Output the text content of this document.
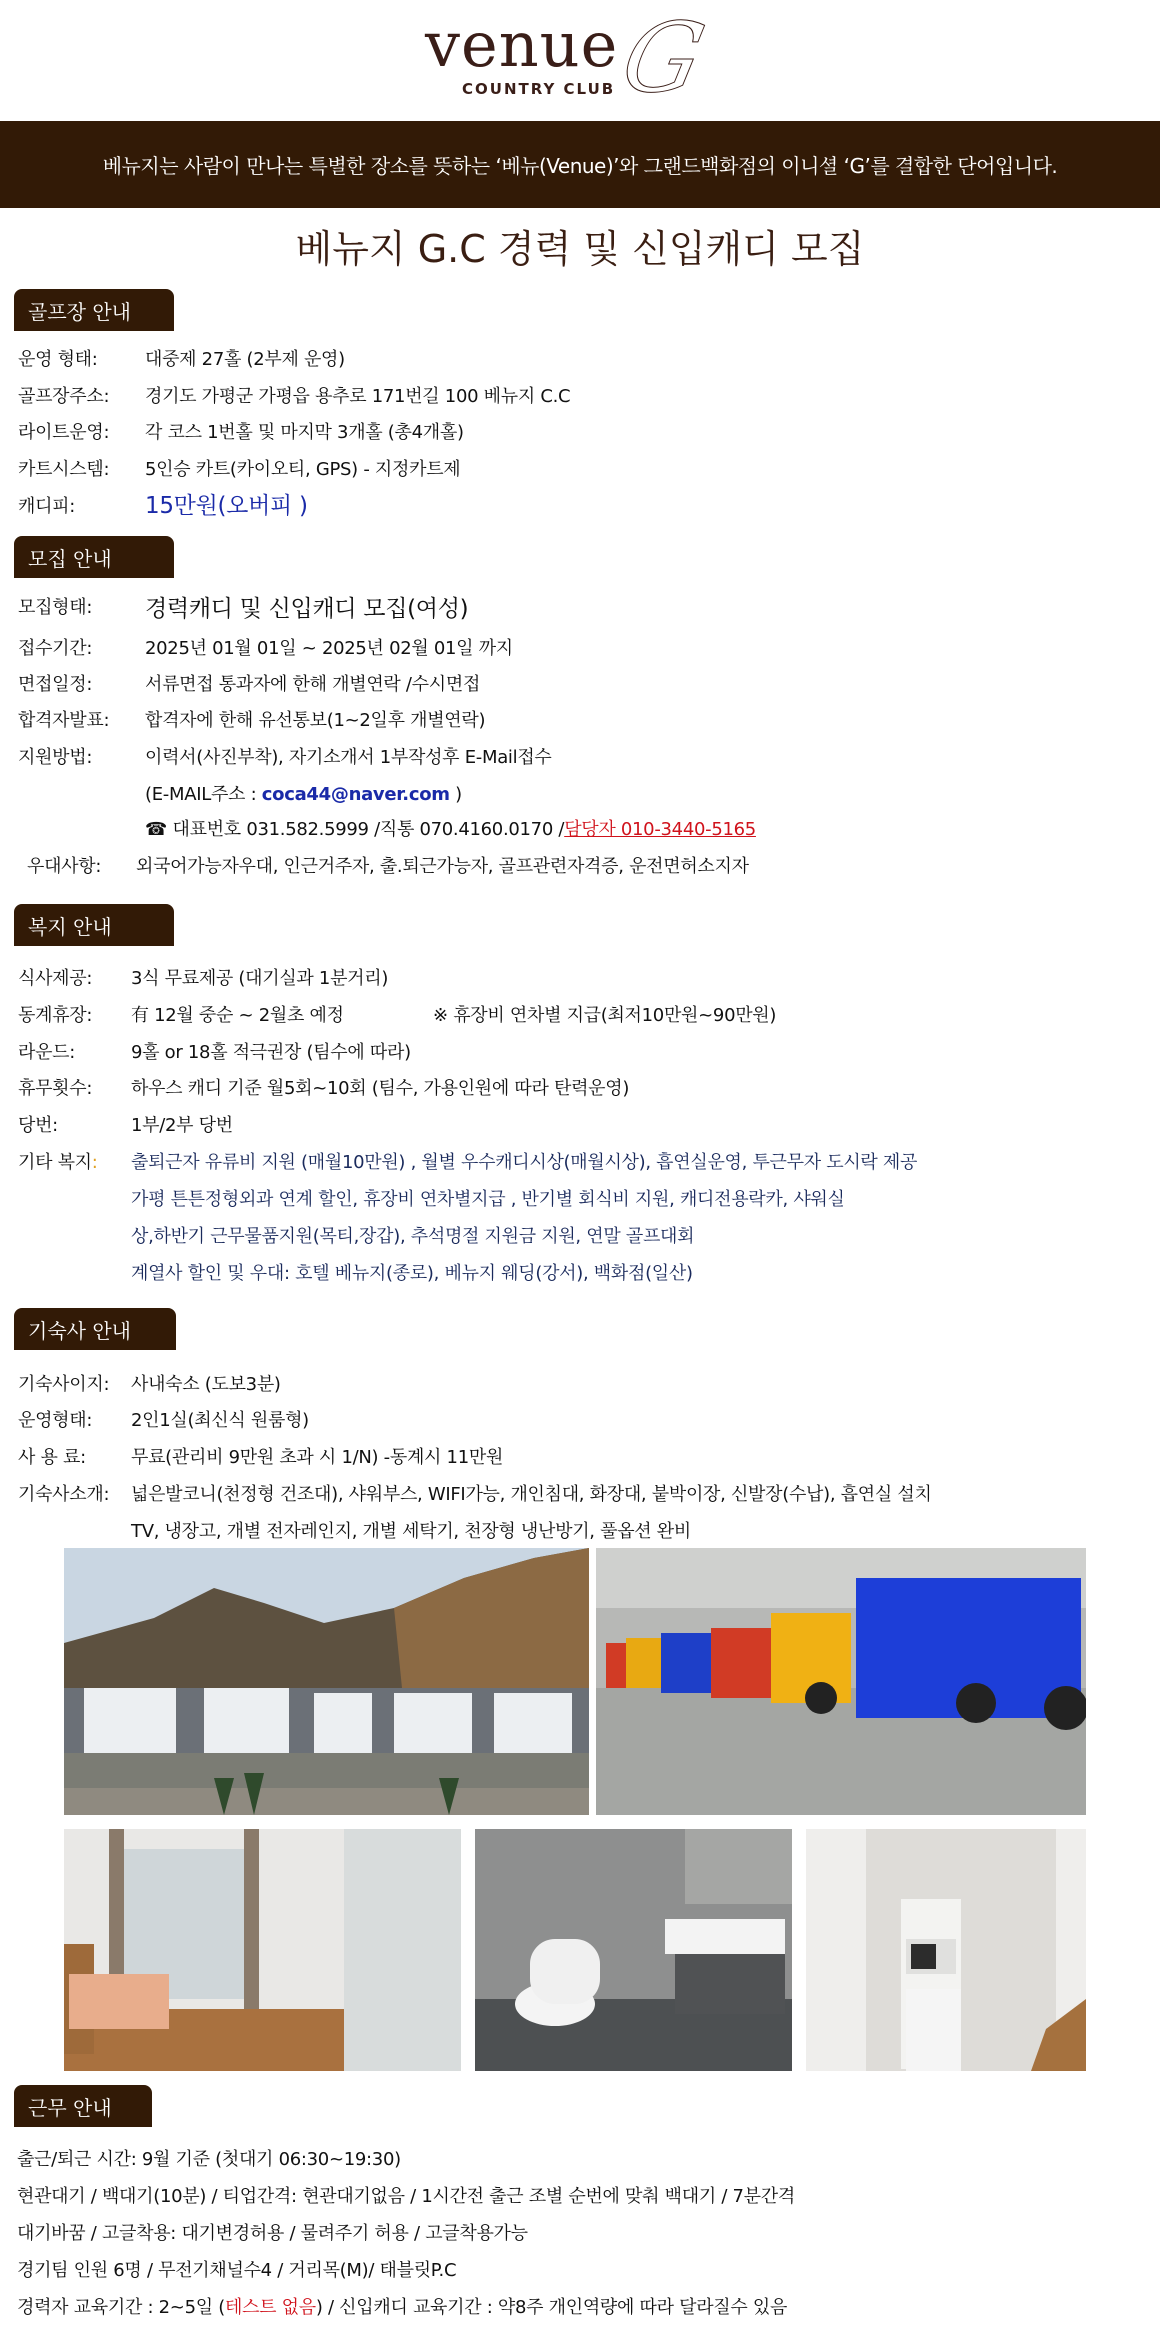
venue
COUNTRY CLUB
G
베뉴지는 사람이 만나는 특별한 장소를 뜻하는 ‘베뉴(Venue)’와 그랜드백화점의 이니셜 ‘G’를 결합한 단어입니다.
베뉴지 G.C 경력 및 신입캐디 모집
골프장 안내
운영 형태:	대중제 27홀 (2부제 운영)
골프장주소: 경기도 가평군 가평읍 용추로 171번길 100 베뉴지 C.C
라이트운영: 각 코스 1번홀 및 마지막 3개홀 (총4개홀)
카트시스템: 5인승 카트(카이오티, GPS) - 지정카트제
캐디피:	15만원(오버피 )
모집 안내
모집형태: 경력캐디 및 신입캐디 모집(여성)
접수기간:	2025년 01월 01일 ~ 2025년 02월 01일 까지
면접일정:	서류면접 통과자에 한해 개별연락 /수시면접
합격자발표: 합격자에 한해 유선통보(1~2일후 개별연락)
지원방법:	이력서(사진부착), 자기소개서 1부작성후 E-Mail접수
(E-MAIL주소 : coca44@naver.com )
☎ 대표번호 031.582.5999 /직통 070.4160.0170 /담당자 010-3440-5165
우대사항: 외국어가능자우대, 인근거주자, 출.퇴근가능자, 골프관련자격증, 운전면허소지자
복지 안내
식사제공: 3식 무료제공 (대기실과 1분거리)
동계휴장: 有 12월 중순 ~ 2월초 예정	※ 휴장비 연차별 지급(최저10만원~90만원)
라운드:	9홀 or 18홀 적극권장 (팀수에 따라)
휴무횟수: 하우스 캐디 기준 월5회~10회 (팀수, 가용인원에 따라 탄력운영)
당번:	1부/2부 당번
기타 복지: 출퇴근자 유류비 지원 (매월10만원) , 월별 우수캐디시상(매월시상), 흡연실운영, 투근무자 도시락 제공
가평 튼튼정형외과 연계 할인, 휴장비 연차별지급 , 반기별 회식비 지원, 캐디전용락카, 샤워실
상,하반기 근무물품지원(목티,장갑), 추석명절 지원금 지원, 연말 골프대회
계열사 할인 및 우대: 호텔 베뉴지(종로), 베뉴지 웨딩(강서), 백화점(일산)
기숙사 안내
기숙사이지: 사내숙소 (도보3분)
운영형태: 2인1실(최신식 원룸형)
사 용 료:	무료(관리비 9만원 초과 시 1/N) -동계시 11만원
기숙사소개: 넓은발코니(천정형 건조대), 샤워부스, WIFI가능, 개인침대, 화장대, 붙박이장, 신발장(수납), 흡연실 설치
TV, 냉장고, 개별 전자레인지, 개별 세탁기, 천장형 냉난방기, 풀옵션 완비
근무 안내
출근/퇴근 시간: 9월 기준 (첫대기 06:30~19:30)
현관대기 / 백대기(10분) / 티업간격: 현관대기없음 / 1시간전 출근 조별 순번에 맞춰 백대기 / 7분간격
대기바꿈 / 고글착용: 대기변경허용 / 물려주기 허용 / 고글착용가능
경기팀 인원 6명 / 무전기채널수4 / 거리목(M)/ 태블릿P.C
경력자 교육기간 : 2~5일 (테스트 없음) / 신입캐디 교육기간 : 약8주 개인역량에 따라 달라질수 있음
